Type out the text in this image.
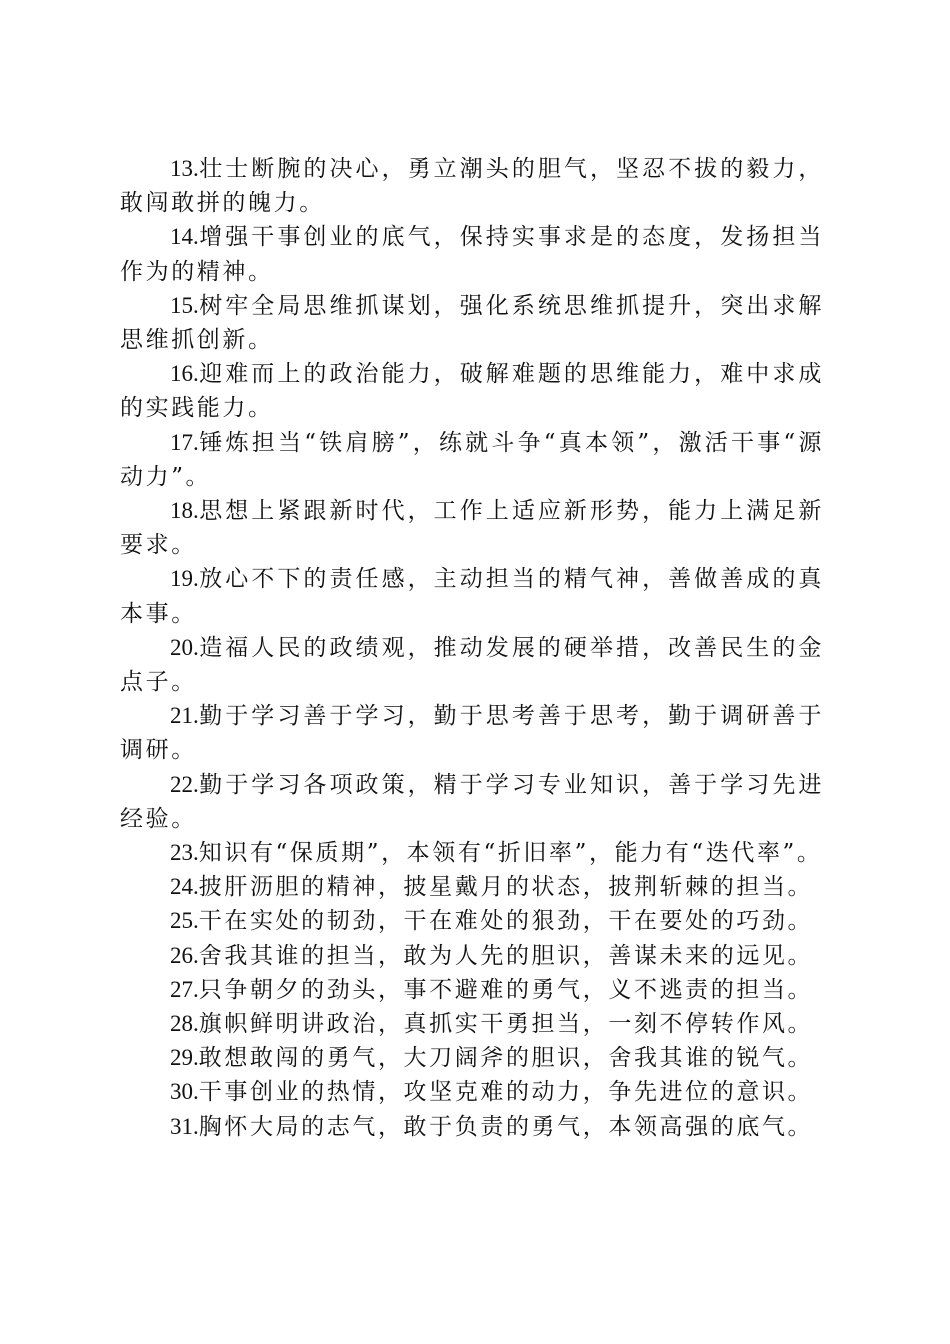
13.壮士断腕的决心，勇立潮头的胆气，坚忍不拔的毅力，敢闯敢拼的魄力。

14.增强干事创业的底气，保持实事求是的态度，发扬担当作为的精神。

15.树牢全局思维抓谋划，强化系统思维抓提升，突出求解思维抓创新。

16.迎难而上的政治能力，破解难题的思维能力，难中求成的实践能力。

17.锤炼担当“铁肩膀”，练就斗争“真本领”，激活干事“源动力”。

18.思想上紧跟新时代，工作上适应新形势，能力上满足新要求。

19.放心不下的责任感，主动担当的精气神，善做善成的真本事。

20.造福人民的政绩观，推动发展的硬举措，改善民生的金点子。

21.勤于学习善于学习，勤于思考善于思考，勤于调研善于调研。

22.勤于学习各项政策，精于学习专业知识，善于学习先进经验。

23.知识有“保质期”，本领有“折旧率”，能力有“迭代率”。

24.披肝沥胆的精神，披星戴月的状态，披荆斩棘的担当。

25.干在实处的韧劲，干在难处的狠劲，干在要处的巧劲。

26.舍我其谁的担当，敢为人先的胆识，善谋未来的远见。

27.只争朝夕的劲头，事不避难的勇气，义不逃责的担当。

28.旗帜鲜明讲政治，真抓实干勇担当，一刻不停转作风。

29.敢想敢闯的勇气，大刀阔斧的胆识，舍我其谁的锐气。

30.干事创业的热情，攻坚克难的动力，争先进位的意识。

31.胸怀大局的志气，敢于负责的勇气，本领高强的底气。
